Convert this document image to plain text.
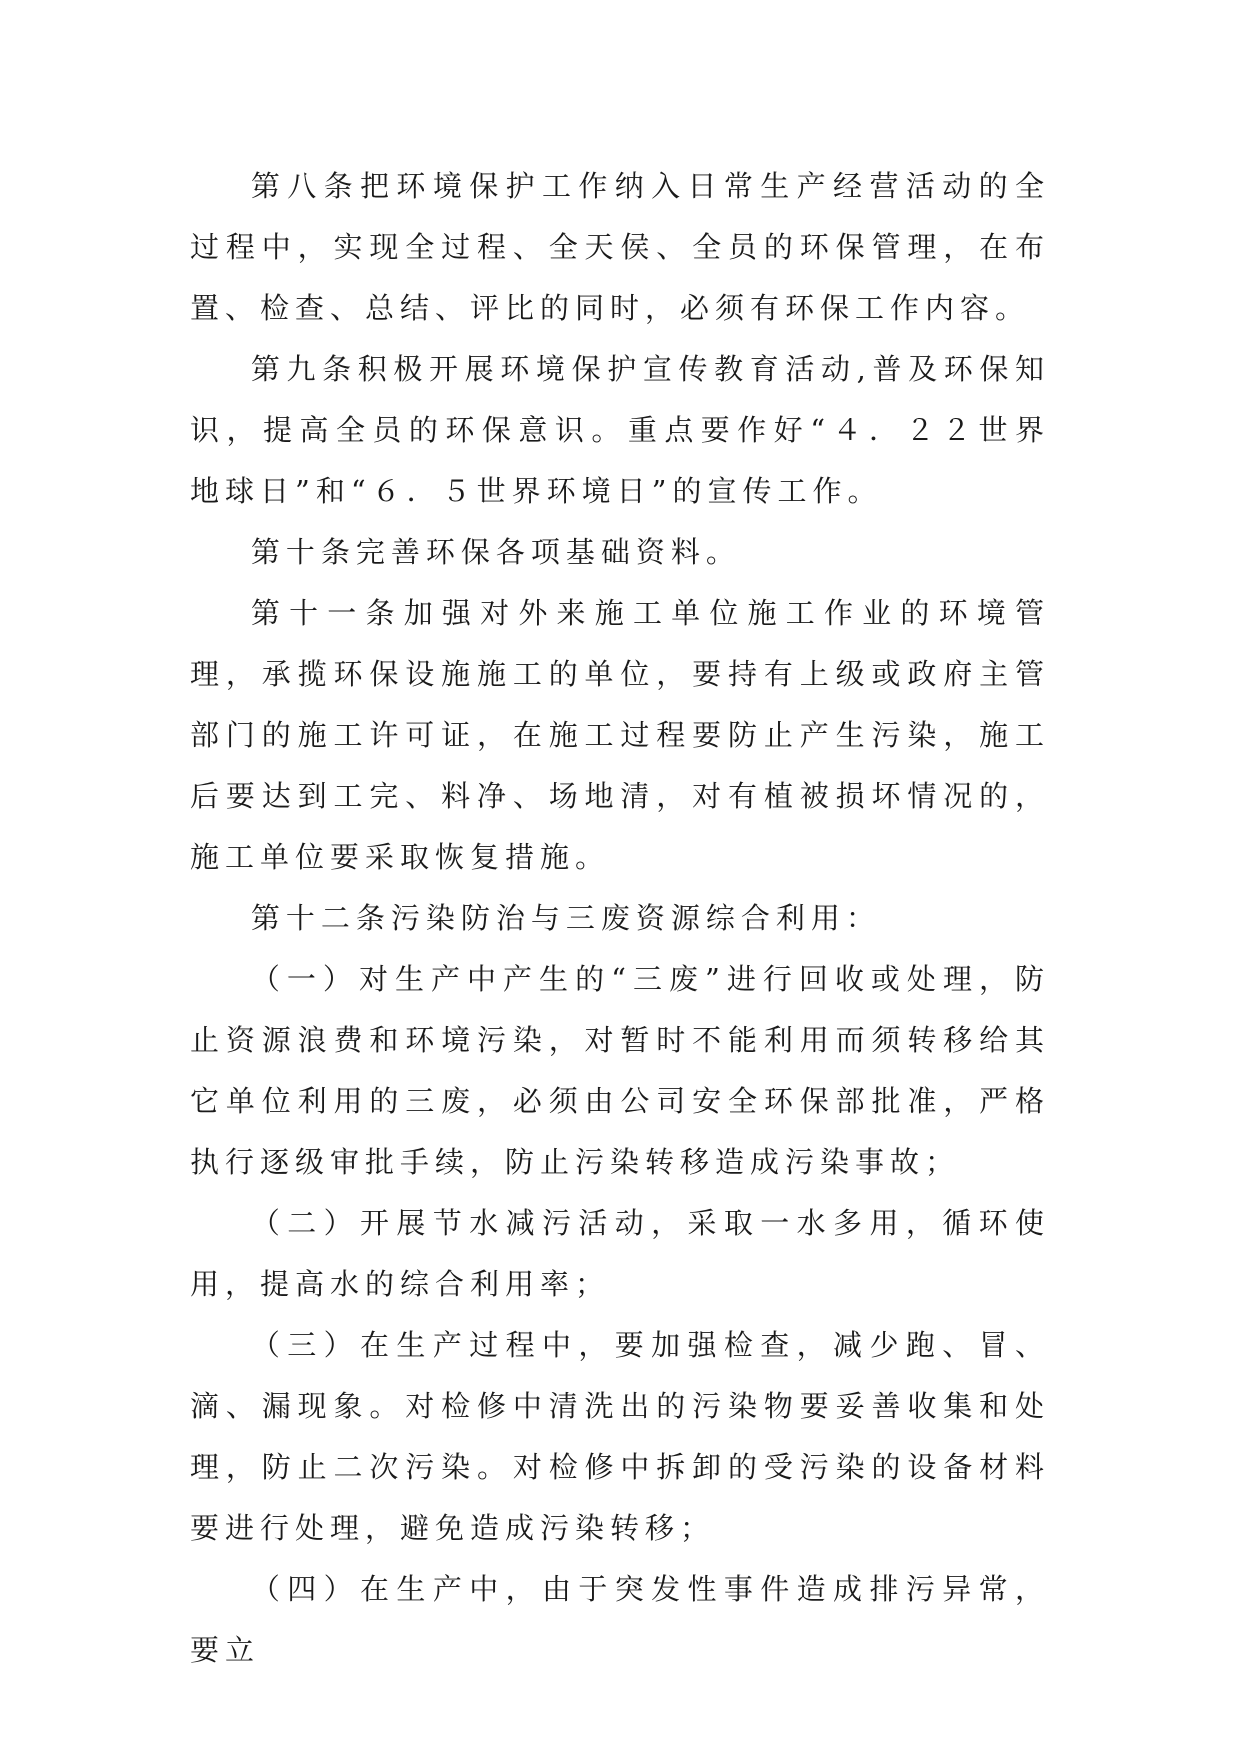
第八条把环境保护工作纳入日常生产经营活动的全过程中，实现全过程、全天侯、全员的环保管理，在布置、检查、总结、评比的同时，必须有环保工作内容。

第九条积极开展环境保护宣传教育活动,普及环保知识，提高全员的环保意识。重点要作好“４．２２世界地球日”和“６．５世界环境日”的宣传工作。

第十条完善环保各项基础资料。

第十一条加强对外来施工单位施工作业的环境管理，承揽环保设施施工的单位，要持有上级或政府主管部门的施工许可证，在施工过程要防止产生污染，施工后要达到工完、料净、场地清，对有植被损坏情况的，施工单位要采取恢复措施。

第十二条污染防治与三废资源综合利用：

（一）对生产中产生的“三废”进行回收或处理，防止资源浪费和环境污染，对暂时不能利用而须转移给其它单位利用的三废，必须由公司安全环保部批准，严格执行逐级审批手续，防止污染转移造成污染事故；

（二）开展节水减污活动，采取一水多用，循环使用，提高水的综合利用率；

（三）在生产过程中，要加强检查，减少跑、冒、滴、漏现象。对检修中清洗出的污染物要妥善收集和处理，防止二次污染。对检修中拆卸的受污染的设备材料要进行处理，避免造成污染转移；

（四）在生产中，由于突发性事件造成排污异常，要立
